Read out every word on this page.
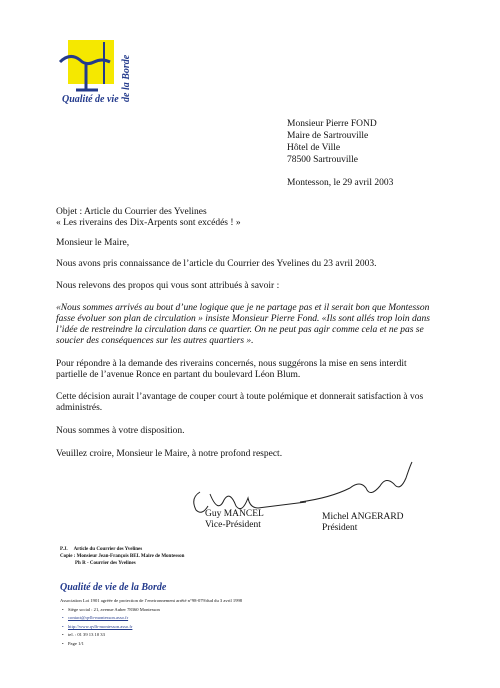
Qualité de vie de la Borde
Monsieur Pierre FOND
Maire de Sartrouville
Hôtel de Ville
78500 Sartrouville
Montesson, le 29 avril 2003
Objet : Article du Courrier des Yvelines
« Les riverains des Dix-Arpents sont excédés ! »
Monsieur le Maire,
Nous avons pris connaissance de l’article du Courrier des Yvelines du 23 avril 2003.
Nous relevons des propos qui vous sont attribués à savoir :
«Nous sommes arrivés au bout d’une logique que je ne partage pas et il serait bon que Montesson fasse évoluer son plan de circulation » insiste Monsieur Pierre Fond. «Ils sont allés trop loin dans l’idée de restreindre la circulation dans ce quartier. On ne peut pas agir comme cela et ne pas se soucier des conséquences sur les autres quartiers ».
Pour répondre à la demande des riverains concernés, nous suggérons la mise en sens interdit partielle de l’avenue Ronce en partant du boulevard Léon Blum.
Cette décision aurait l’avantage de couper court à toute polémique et donnerait satisfaction à vos administrés.
Nous sommes à votre disposition.
Veuillez croire, Monsieur le Maire, à notre profond respect.
Guy MANCEL
Vice-Président
Michel ANGERARD
Président
P.J.     Article du Courrier des Yvelines
Copie : Monsieur Jean-François BEL Maire de Montesson
Ph R - Courrier des Yvelines
Qualité de vie de la Borde
Association Loi 1901 agréée de protection de l’environnement arrêté n°98-079/dud du 3 avril 1998
• Siège social : 21, avenue Auber 78360 Montesson
• contact@qvlb-montesson.asso.fr
• http://www.qvlb-montesson.asso.fr
• tel. : 01 39 13 10 33
• Page 1/1
